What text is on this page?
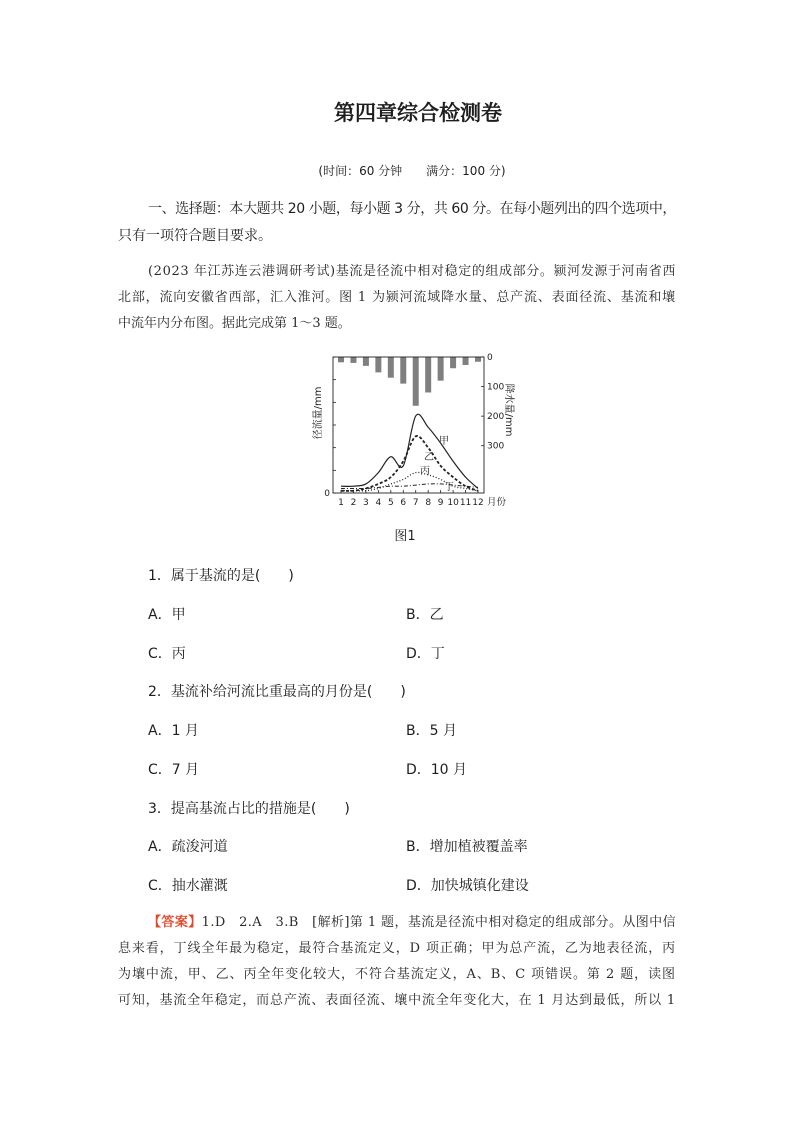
第四章综合检测卷
(时间：60 分钟　　满分：100 分)
一、选择题：本大题共 20 小题，每小题 3 分，共 60 分。在每小题列出的四个选项中，
只有一项符合题目要求。
(2023 年江苏连云港调研考试)基流是径流中相对稳定的组成部分。颍河发源于河南省西
北部，流向安徽省西部，汇入淮河。图 1 为颍河流域降水量、总产流、表面径流、基流和壤
中流年内分布图。据此完成第 1～3 题。
0
0
100
200
300
1 2 3 4 5 6 7 8 9 10 11 12 月份
径流量/mm	降水量/mm
甲
乙
丙
丁
图1
1．属于基流的是(　　)
A．甲	B．乙
C．丙	D．丁
2．基流补给河流比重最高的月份是(　　)
A．1 月	B．5 月
C．7 月	D．10 月
3．提高基流占比的措施是(　　)
A．疏浚河道	B．增加植被覆盖率
C．抽水灌溉	D．加快城镇化建设
【答案】1.D　2.A　3.B　[解析]第 1 题，基流是径流中相对稳定的组成部分。从图中信
息来看，丁线全年最为稳定，最符合基流定义，D 项正确；甲为总产流，乙为地表径流，丙
为壤中流，甲、乙、丙全年变化较大，不符合基流定义，A、B、C 项错误。第 2 题，读图
可知，基流全年稳定，而总产流、表面径流、壤中流全年变化大，在 1 月达到最低，所以 1
